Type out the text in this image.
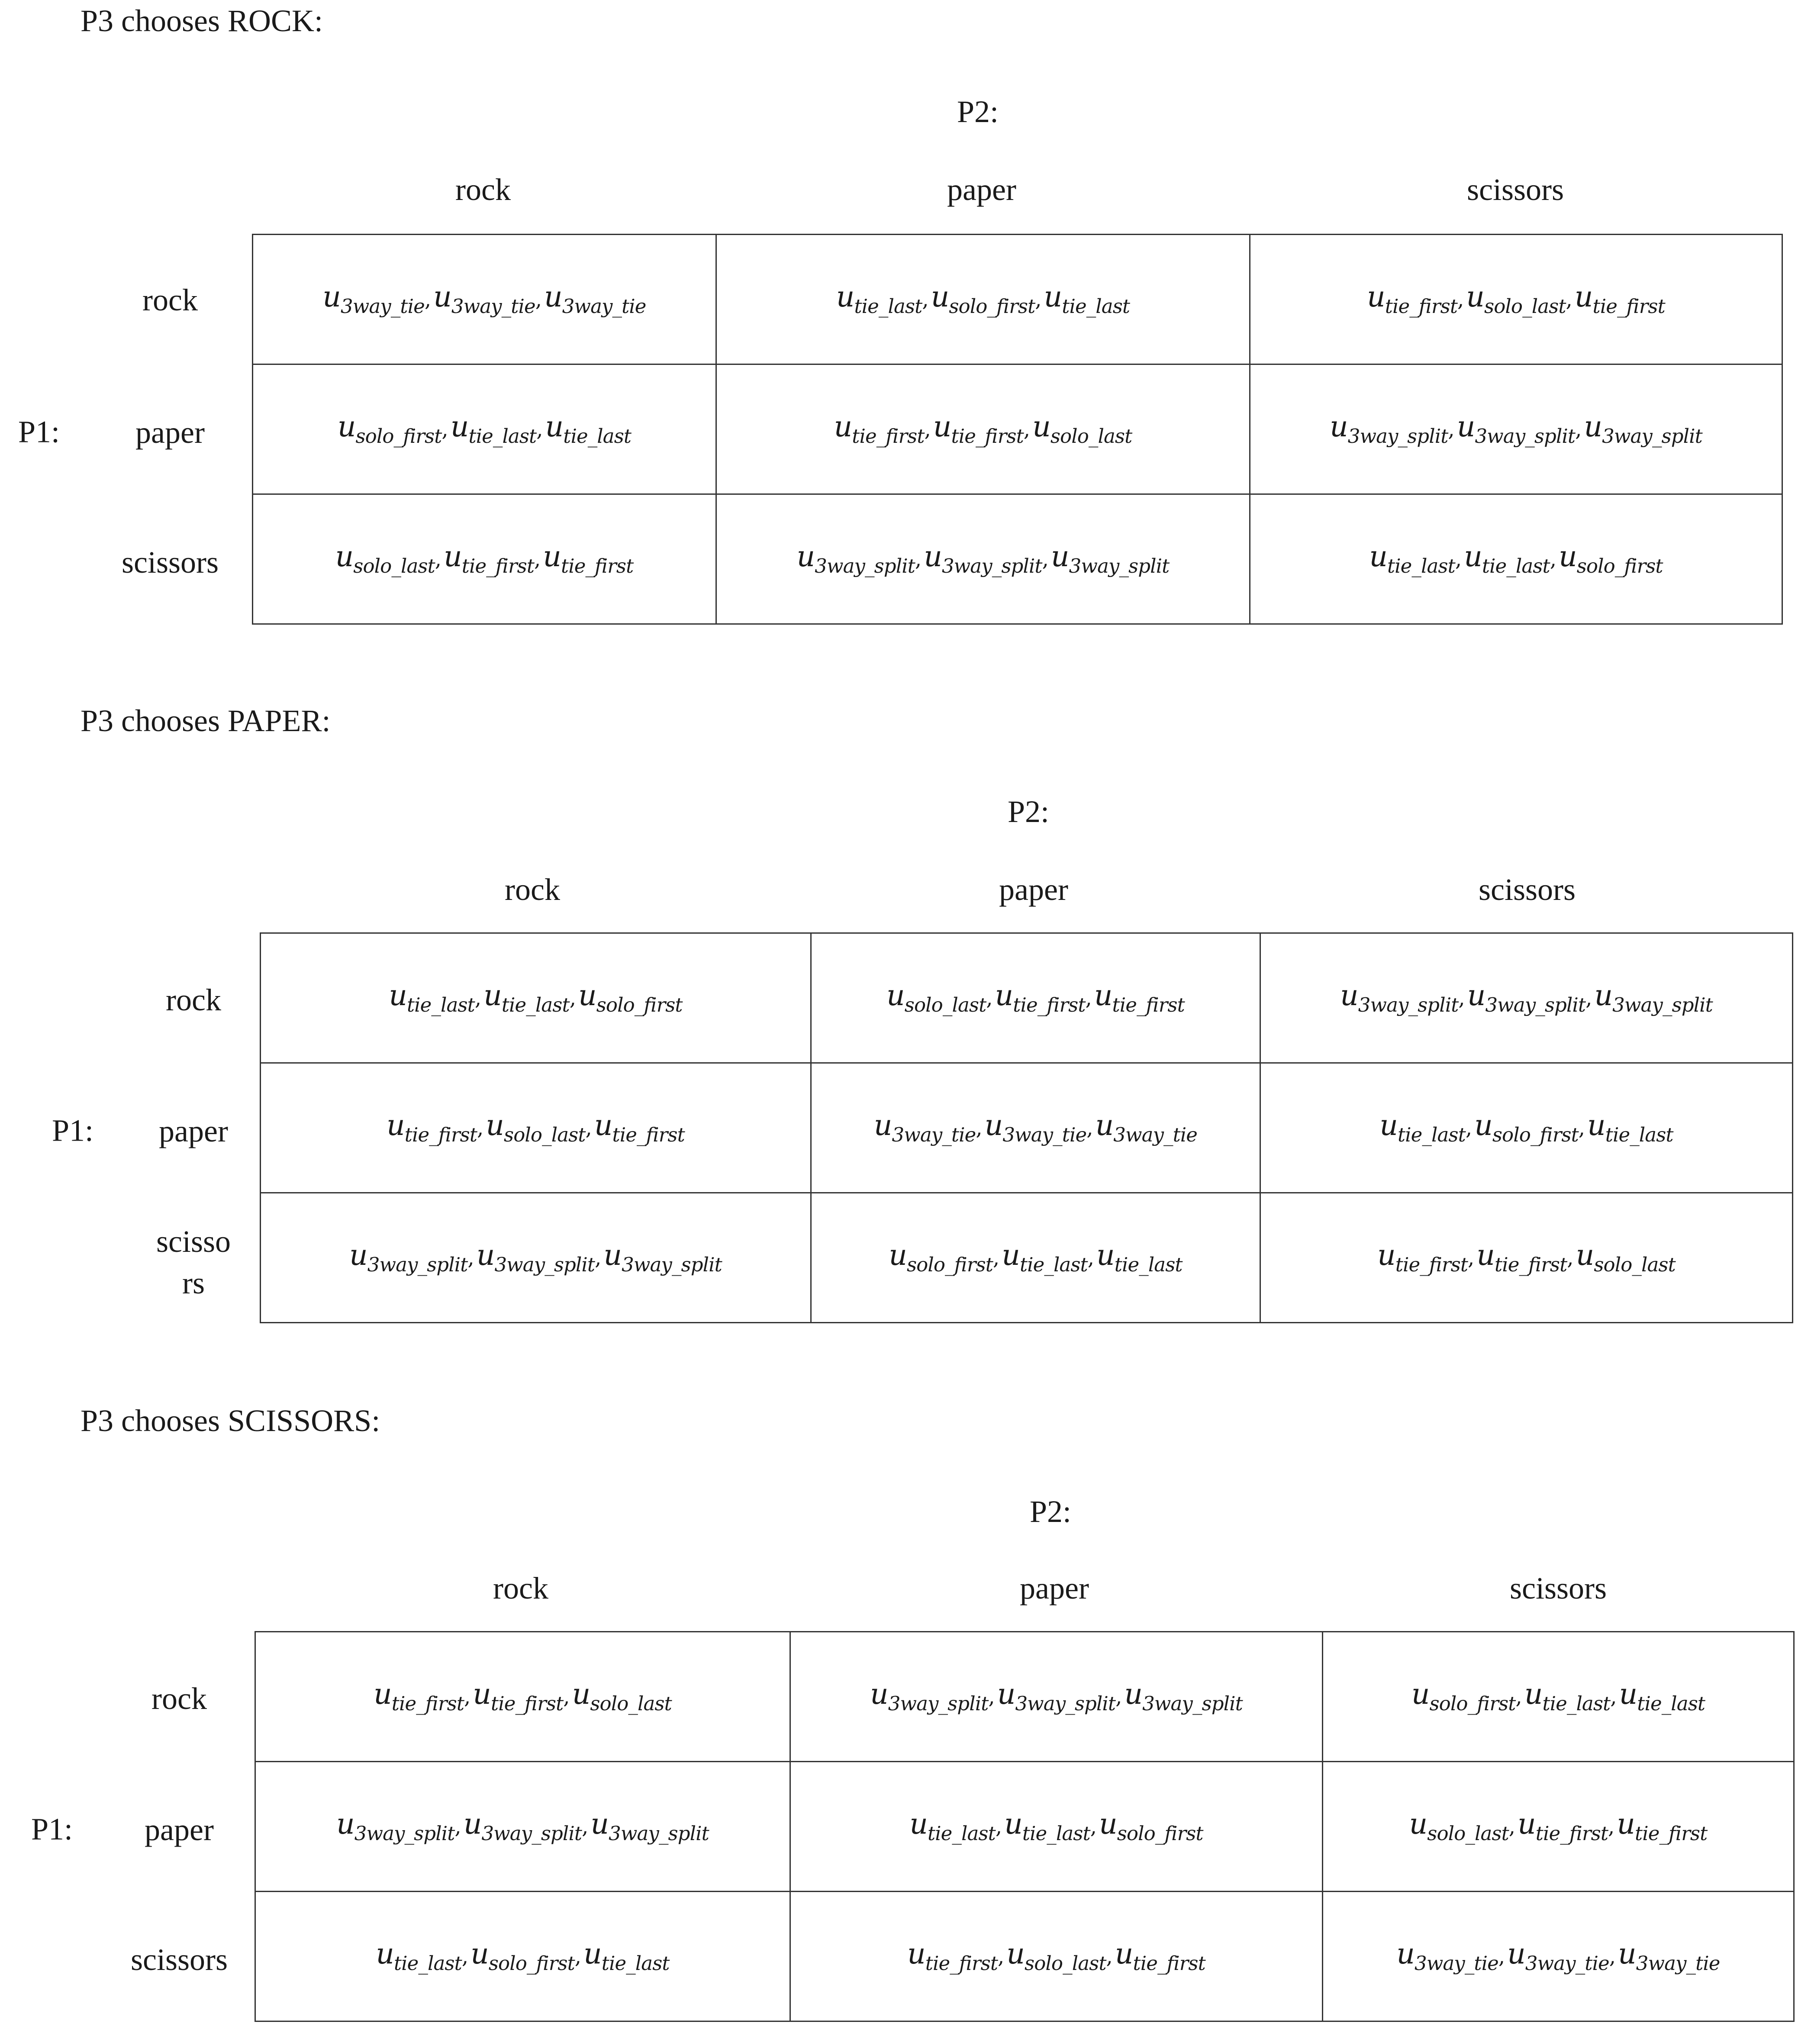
P3 chooses ROCK:
P2:
rock	paper	scissors
rock
paper
scissors
P1:
$u_{3way\_tie}$, $u_{3way\_tie}$, $u_{3way\_tie}$	$u_{tie\_last}$, $u_{solo\_first}$, $u_{tie\_last}$	$u_{tie\_first}$, $u_{solo\_last}$, $u_{tie\_first}$
$u_{solo\_first}$, $u_{tie\_last}$, $u_{tie\_last}$	$u_{tie\_first}$, $u_{tie\_first}$, $u_{solo\_last}$	$u_{3way\_split}$, $u_{3way\_split}$, $u_{3way\_split}$
$u_{solo\_last}$, $u_{tie\_first}$, $u_{tie\_first}$	$u_{3way\_split}$, $u_{3way\_split}$, $u_{3way\_split}$	$u_{tie\_last}$, $u_{tie\_last}$, $u_{solo\_first}$
P3 chooses PAPER:
P2:
rock	paper	scissors
rock
paper
scisso rs
P1:
$u_{tie\_last}$, $u_{tie\_last}$, $u_{solo\_first}$	$u_{solo\_last}$, $u_{tie\_first}$, $u_{tie\_first}$	$u_{3way\_split}$, $u_{3way\_split}$, $u_{3way\_split}$
$u_{tie\_first}$, $u_{solo\_last}$, $u_{tie\_first}$	$u_{3way\_tie}$, $u_{3way\_tie}$, $u_{3way\_tie}$	$u_{tie\_last}$, $u_{solo\_first}$, $u_{tie\_last}$
$u_{3way\_split}$, $u_{3way\_split}$, $u_{3way\_split}$	$u_{solo\_first}$, $u_{tie\_last}$, $u_{tie\_last}$	$u_{tie\_first}$, $u_{tie\_first}$, $u_{solo\_last}$
P3 chooses SCISSORS:
P2:
rock	paper	scissors
rock
paper
scissors
P1:
$u_{tie\_first}$, $u_{tie\_first}$, $u_{solo\_last}$	$u_{3way\_split}$, $u_{3way\_split}$, $u_{3way\_split}$	$u_{solo\_first}$, $u_{tie\_last}$, $u_{tie\_last}$
$u_{3way\_split}$, $u_{3way\_split}$, $u_{3way\_split}$	$u_{tie\_last}$, $u_{tie\_last}$, $u_{solo\_first}$	$u_{solo\_last}$, $u_{tie\_first}$, $u_{tie\_first}$
$u_{tie\_last}$, $u_{solo\_first}$, $u_{tie\_last}$	$u_{tie\_first}$, $u_{solo\_last}$, $u_{tie\_first}$	$u_{3way\_tie}$, $u_{3way\_tie}$, $u_{3way\_tie}$
